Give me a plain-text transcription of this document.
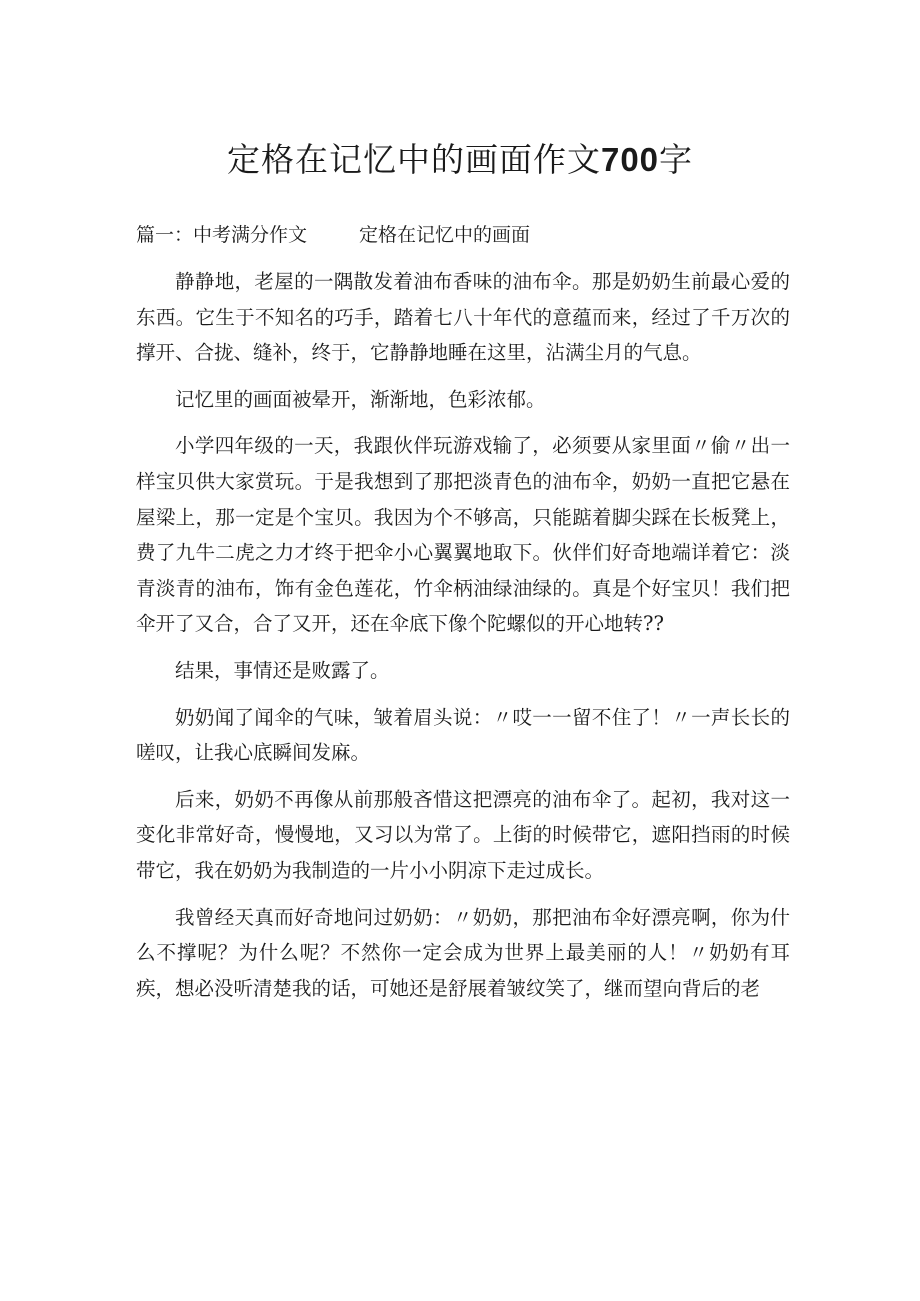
定格在记忆中的画面作文700字
篇一：中考满分作文	定格在记忆中的画面

静静地，老屋的一隅散发着油布香味的油布伞。那是奶奶生前最心爱的东西。它生于不知名的巧手，踏着七八十年代的意蕴而来，经过了千万次的撑开、合拢、缝补，终于，它静静地睡在这里，沾满尘月的气息。

记忆里的画面被晕开，渐渐地，色彩浓郁。

小学四年级的一天，我跟伙伴玩游戏输了，必须要从家里面〃偷〃出一样宝贝供大家赏玩。于是我想到了那把淡青色的油布伞，奶奶一直把它悬在屋梁上，那一定是个宝贝。我因为个不够高，只能踮着脚尖踩在长板凳上，费了九牛二虎之力才终于把伞小心翼翼地取下。伙伴们好奇地端详着它：淡青淡青的油布，饰有金色莲花，竹伞柄油绿油绿的。真是个好宝贝！我们把伞开了又合，合了又开，还在伞底下像个陀螺似的开心地转??

结果，事情还是败露了。

奶奶闻了闻伞的气味，皱着眉头说：〃哎一一留不住了！〃一声长长的嗟叹，让我心底瞬间发麻。

后来，奶奶不再像从前那般吝惜这把漂亮的油布伞了。起初，我对这一变化非常好奇，慢慢地，又习以为常了。上街的时候带它，遮阳挡雨的时候带它，我在奶奶为我制造的一片小小阴凉下走过成长。

我曾经天真而好奇地问过奶奶：〃奶奶，那把油布伞好漂亮啊，你为什么不撑呢？为什么呢？不然你一定会成为世界上最美丽的人！〃奶奶有耳疾，想必没听清楚我的话，可她还是舒展着皱纹笑了，继而望向背后的老
